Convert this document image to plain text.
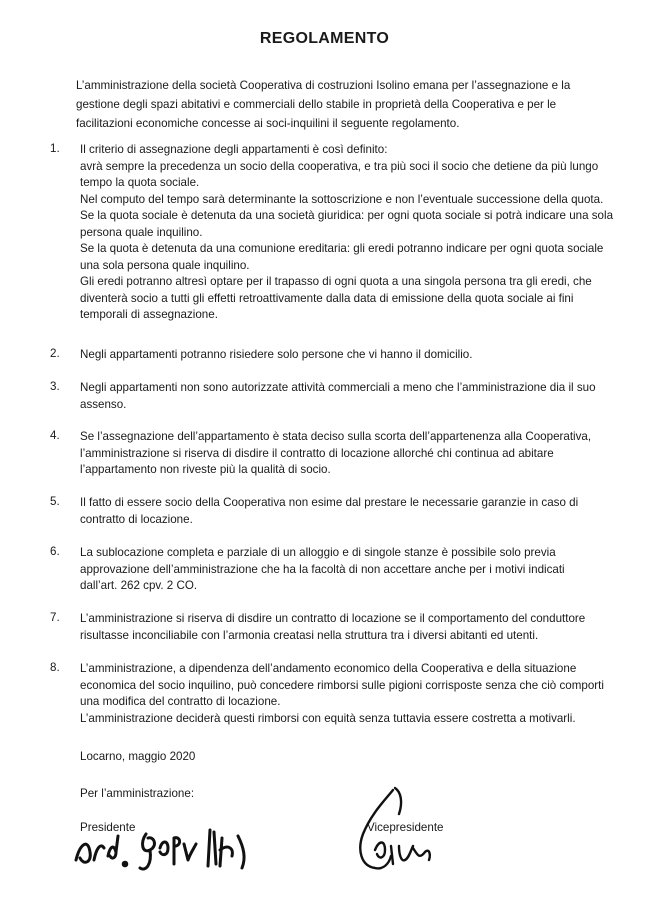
REGOLAMENTO
L’amministrazione della società Cooperativa di costruzioni Isolino emana per l’assegnazione e la
gestione degli spazi abitativi e commerciali dello stabile in proprietà della Cooperativa e per le
facilitazioni economiche concesse ai soci-inquilini il seguente regolamento.
1.	Il criterio di assegnazione degli appartamenti è così definito:
avrà sempre la precedenza un socio della cooperativa, e tra più soci il socio che detiene da più lungo
tempo la quota sociale.
Nel computo del tempo sarà determinante la sottoscrizione e non l’eventuale successione della quota.
Se la quota sociale è detenuta da una società giuridica: per ogni quota sociale si potrà indicare una sola
persona quale inquilino.
Se la quota è detenuta da una comunione ereditaria: gli eredi potranno indicare per ogni quota sociale
una sola persona quale inquilino.
Gli eredi potranno altresì optare per il trapasso di ogni quota a una singola persona tra gli eredi, che
diventerà socio a tutti gli effetti retroattivamente dalla data di emissione della quota sociale ai fini
temporali di assegnazione.
2.	Negli appartamenti potranno risiedere solo persone che vi hanno il domicilio.
3.	Negli appartamenti non sono autorizzate attività commerciali a meno che l’amministrazione dia il suo
assenso.
4.	Se l’assegnazione dell’appartamento è stata deciso sulla scorta dell’appartenenza alla Cooperativa,
l’amministrazione si riserva di disdire il contratto di locazione allorché chi continua ad abitare
l’appartamento non riveste più la qualità di socio.
5.	Il fatto di essere socio della Cooperativa non esime dal prestare le necessarie garanzie in caso di
contratto di locazione.
6.	La sublocazione completa e parziale di un alloggio e di singole stanze è possibile solo previa
approvazione dell’amministrazione che ha la facoltà di non accettare anche per i motivi indicati
dall’art. 262 cpv. 2 CO.
7.	L’amministrazione si riserva di disdire un contratto di locazione se il comportamento del conduttore
risultasse inconciliabile con l’armonia creatasi nella struttura tra i diversi abitanti ed utenti.
8.	L’amministrazione, a dipendenza dell’andamento economico della Cooperativa e della situazione
economica del socio inquilino, può concedere rimborsi sulle pigioni corrisposte senza che ciò comporti
una modifica del contratto di locazione.
L’amministrazione deciderà questi rimborsi con equità senza tuttavia essere costretta a motivarli.
Locarno, maggio 2020
Per l’amministrazione:
Presidente	Vicepresidente
